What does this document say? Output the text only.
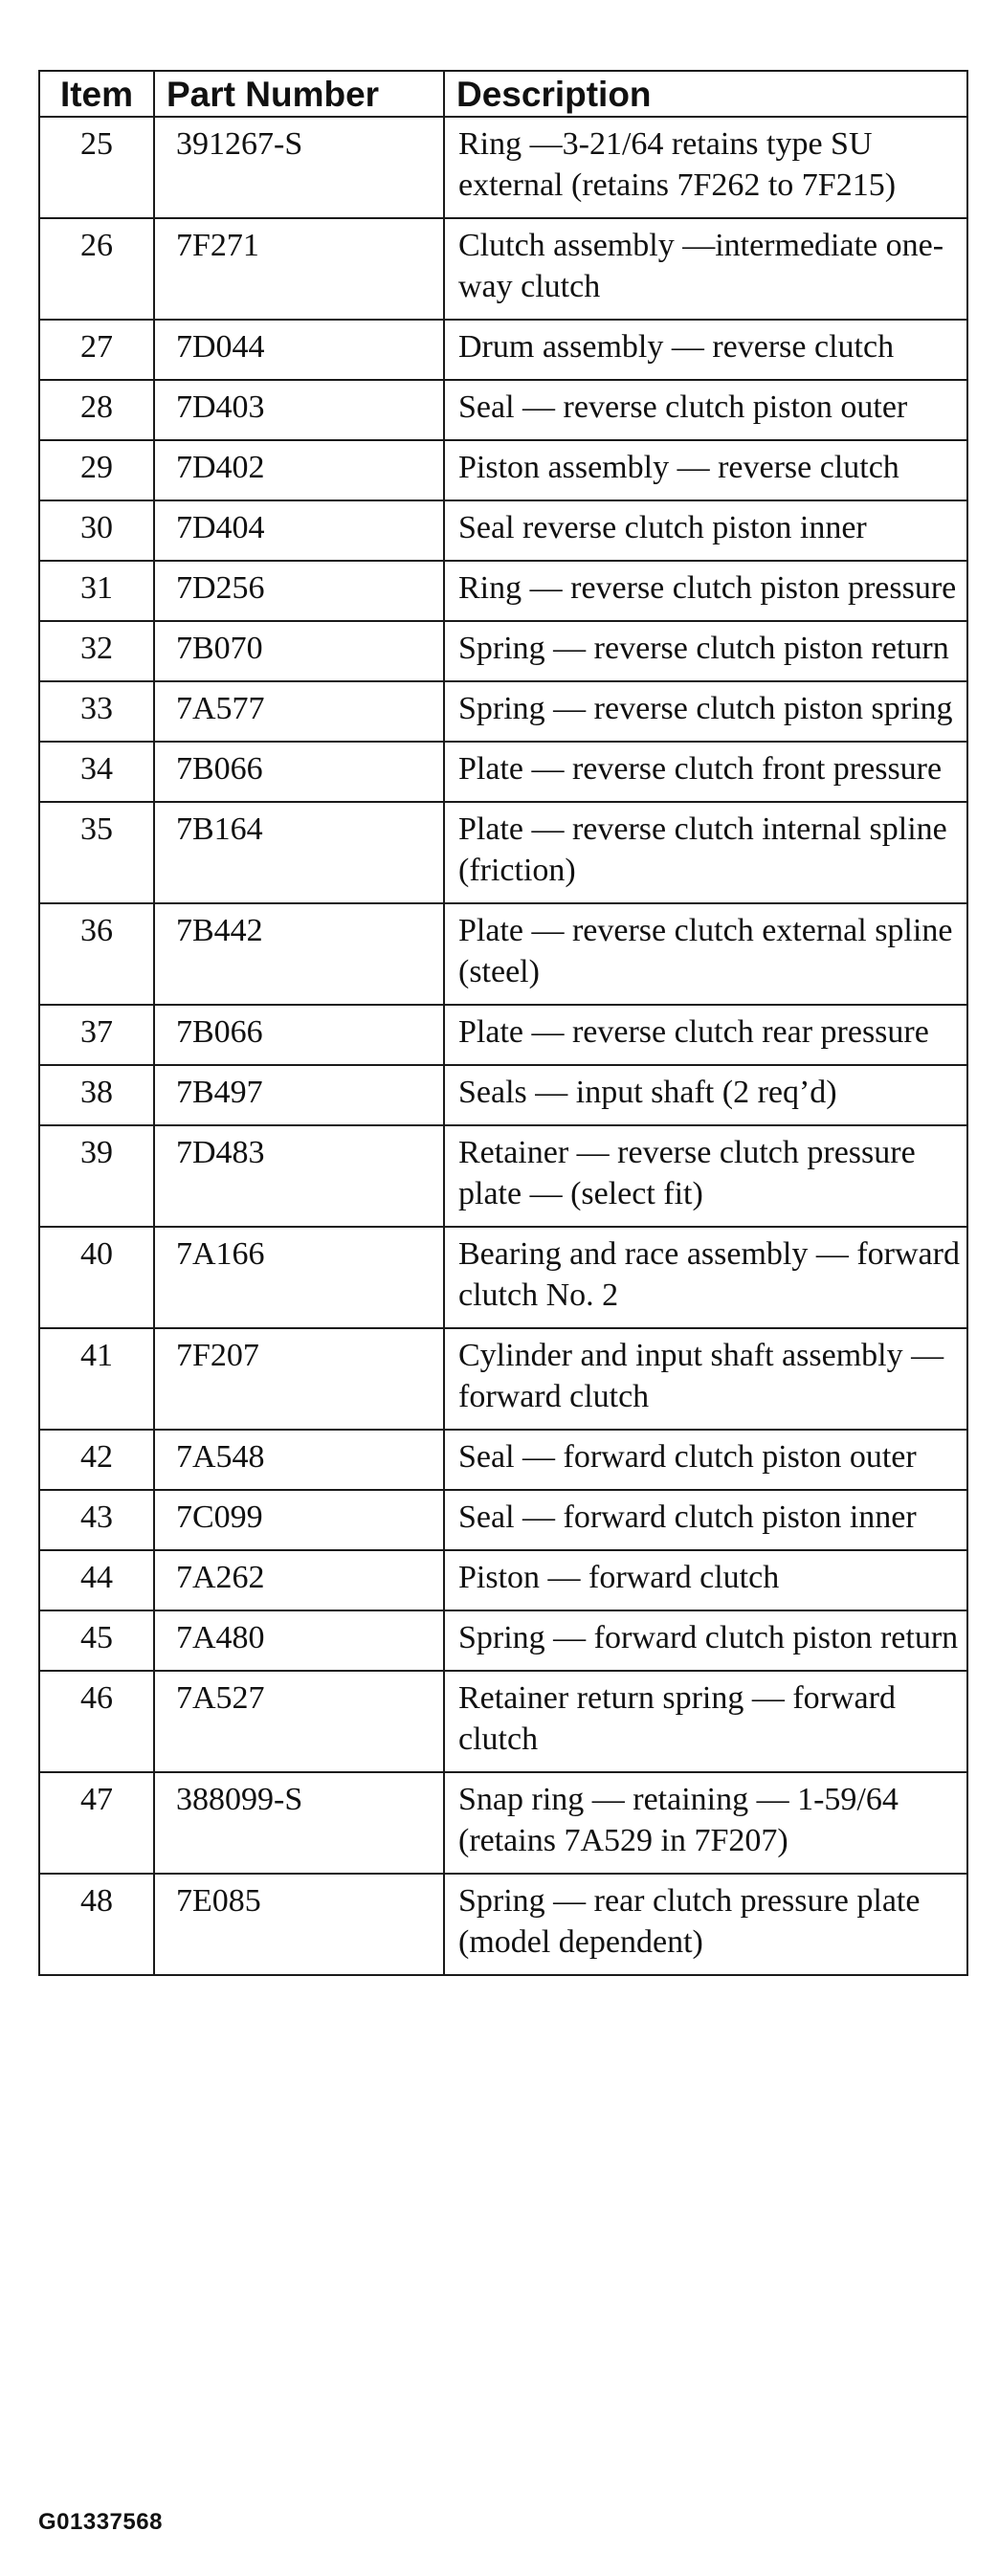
Item	Part Number	Description
25	391267-S	Ring —3-21/64 retains type SU external (retains 7F262 to 7F215)
26	7F271	Clutch assembly —intermediate one-way clutch
27	7D044	Drum assembly — reverse clutch
28	7D403	Seal — reverse clutch piston outer
29	7D402	Piston assembly — reverse clutch
30	7D404	Seal reverse clutch piston inner
31	7D256	Ring — reverse clutch piston pressure
32	7B070	Spring — reverse clutch piston return
33	7A577	Spring — reverse clutch piston spring
34	7B066	Plate — reverse clutch front pressure
35	7B164	Plate — reverse clutch internal spline (friction)
36	7B442	Plate — reverse clutch external spline (steel)
37	7B066	Plate — reverse clutch rear pressure
38	7B497	Seals — input shaft (2 req’d)
39	7D483	Retainer — reverse clutch pressure plate — (select fit)
40	7A166	Bearing and race assembly — forward clutch No. 2
41	7F207	Cylinder and input shaft assembly — forward clutch
42	7A548	Seal — forward clutch piston outer
43	7C099	Seal — forward clutch piston inner
44	7A262	Piston — forward clutch
45	7A480	Spring — forward clutch piston return
46	7A527	Retainer return spring — forward clutch
47	388099-S	Snap ring — retaining — 1-59/64 (retains 7A529 in 7F207)
48	7E085	Spring — rear clutch pressure plate (model dependent)
G01337568
